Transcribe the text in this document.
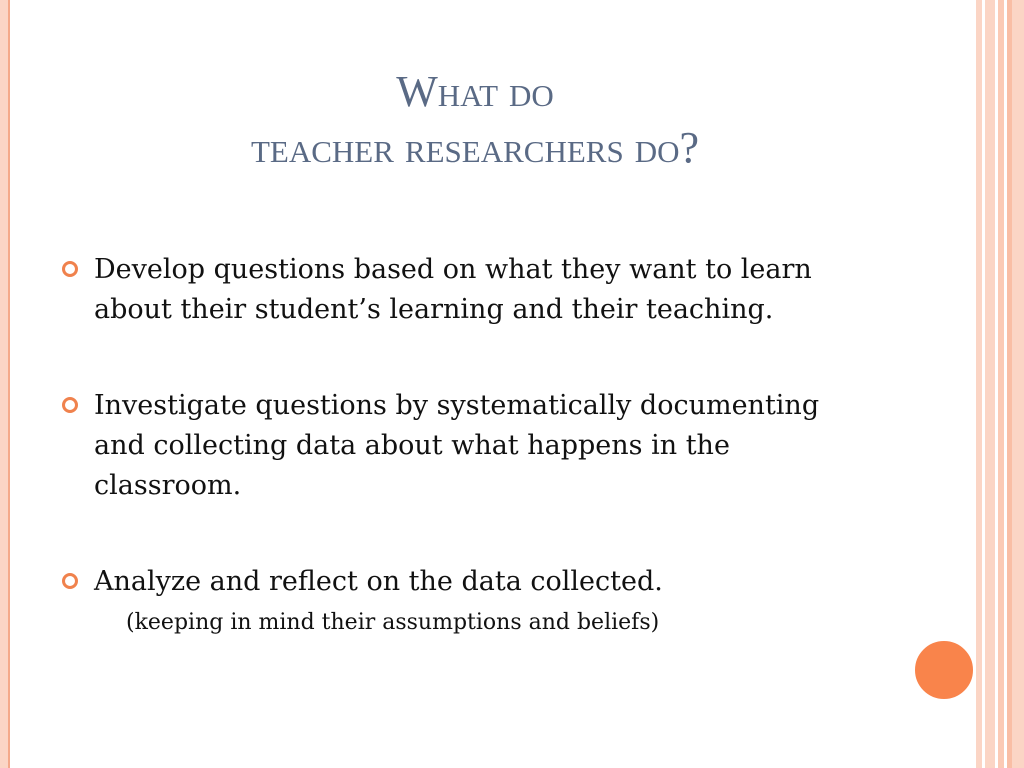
What do
teacher researchers do?
Develop questions based on what they want to learn about their student’s learning and their teaching.
Investigate questions by systematically documenting and collecting data about what happens in the classroom.
Analyze and reflect on the data collected.
(keeping in mind their assumptions and beliefs)
